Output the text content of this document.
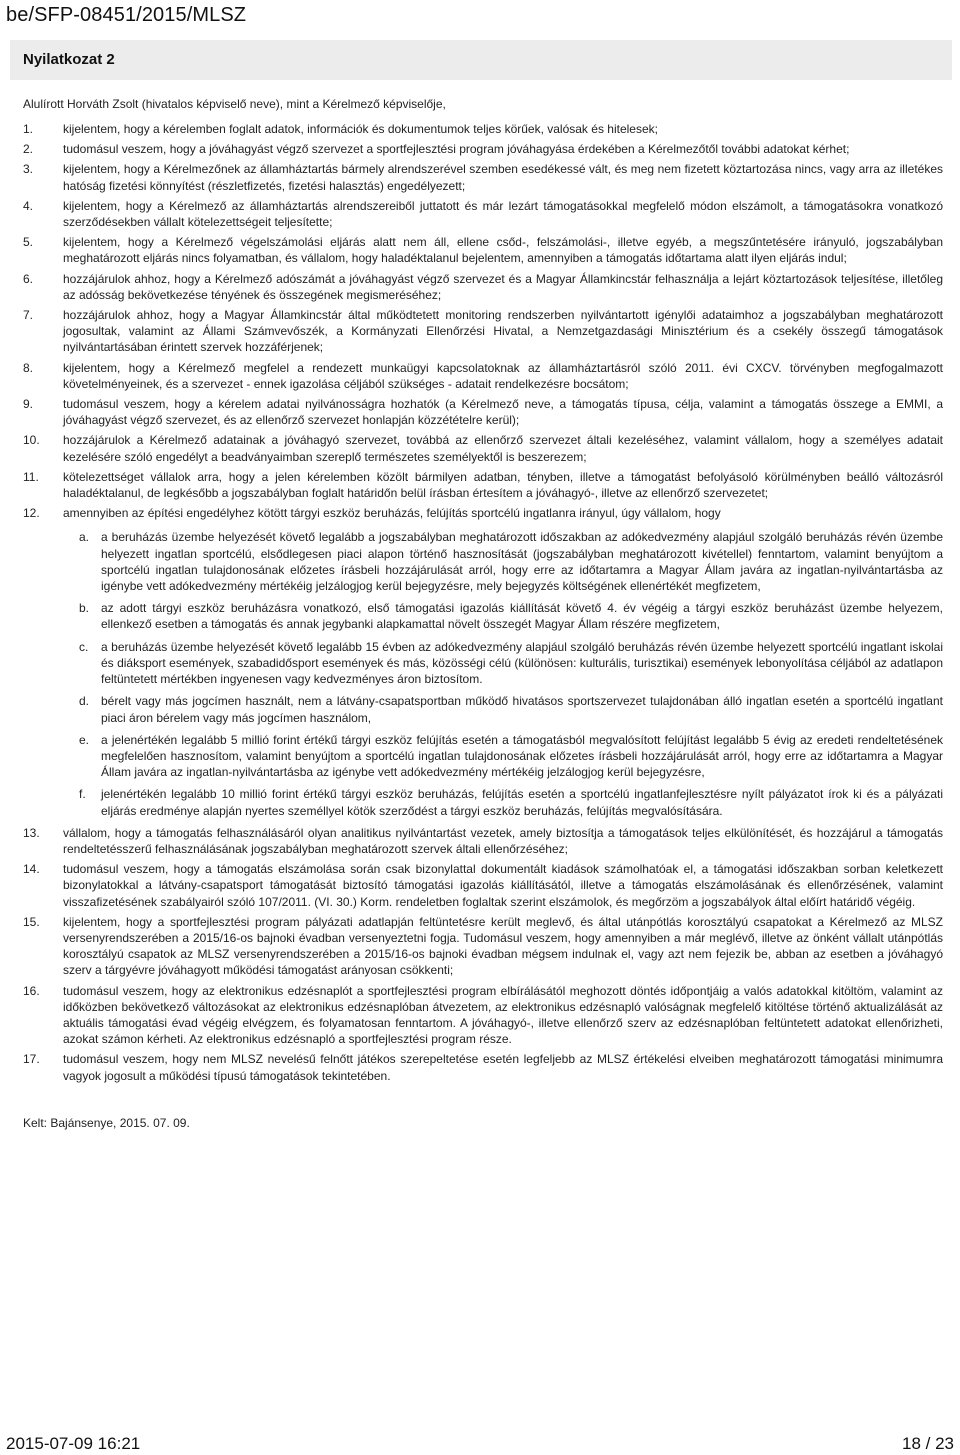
be/SFP-08451/2015/MLSZ
Nyilatkozat 2
Alulírott Horváth Zsolt (hivatalos képviselő neve), mint a Kérelmező képviselője,
1.	kijelentem, hogy a kérelemben foglalt adatok, információk és dokumentumok teljes körűek, valósak és hitelesek;
2.	tudomásul veszem, hogy a jóváhagyást végző szervezet a sportfejlesztési program jóváhagyása érdekében a Kérelmezőtől további adatokat kérhet;
3.	kijelentem, hogy a Kérelmezőnek az államháztartás bármely alrendszerével szemben esedékessé vált, és meg nem fizetett köztartozása nincs, vagy arra az illetékes hatóság fizetési könnyítést (részletfizetés, fizetési halasztás) engedélyezett;
4.	kijelentem, hogy a Kérelmező az államháztartás alrendszereiből juttatott és már lezárt támogatásokkal megfelelő módon elszámolt, a támogatásokra vonatkozó szerződésekben vállalt kötelezettségeit teljesítette;
5.	kijelentem, hogy a Kérelmező végelszámolási eljárás alatt nem áll, ellene csőd-, felszámolási-, illetve egyéb, a megszűntetésére irányuló, jogszabályban meghatározott eljárás nincs folyamatban, és vállalom, hogy haladéktalanul bejelentem, amennyiben a támogatás időtartama alatt ilyen eljárás indul;
6.	hozzájárulok ahhoz, hogy a Kérelmező adószámát a jóváhagyást végző szervezet és a Magyar Államkincstár felhasználja a lejárt köztartozások teljesítése, illetőleg az adósság bekövetkezése tényének és összegének megismeréséhez;
7.	hozzájárulok ahhoz, hogy a Magyar Államkincstár által működtetett monitoring rendszerben nyilvántartott igénylői adataimhoz a jogszabályban meghatározott jogosultak, valamint az Állami Számvevőszék, a Kormányzati Ellenőrzési Hivatal, a Nemzetgazdasági Minisztérium és a csekély összegű támogatások nyilvántartásában érintett szervek hozzáférjenek;
8.	kijelentem, hogy a Kérelmező megfelel a rendezett munkaügyi kapcsolatoknak az államháztartásról szóló 2011. évi CXCV. törvényben megfogalmazott követelményeinek, és a szervezet - ennek igazolása céljából szükséges - adatait rendelkezésre bocsátom;
9.	tudomásul veszem, hogy a kérelem adatai nyilvánosságra hozhatók (a Kérelmező neve, a támogatás típusa, célja, valamint a támogatás összege a EMMI, a jóváhagyást végző szervezet, és az ellenőrző szervezet honlapján közzétételre kerül);
10.	hozzájárulok a Kérelmező adatainak a jóváhagyó szervezet, továbbá az ellenőrző szervezet általi kezeléséhez, valamint vállalom, hogy a személyes adatait kezelésére szóló engedélyt a beadványaimban szereplő természetes személyektől is beszerezem;
11.	kötelezettséget vállalok arra, hogy a jelen kérelemben közölt bármilyen adatban, tényben, illetve a támogatást befolyásoló körülményben beálló változásról haladéktalanul, de legkésőbb a jogszabályban foglalt határidőn belül írásban értesítem a jóváhagyó-, illetve az ellenőrző szervezetet;
12.	amennyiben az építési engedélyhez kötött tárgyi eszköz beruházás, felújítás sportcélú ingatlanra irányul, úgy vállalom, hogy
a. a beruházás üzembe helyezését követő legalább a jogszabályban meghatározott időszakban az adókedvezmény alapjául szolgáló beruházás révén üzembe helyezett ingatlan sportcélú, elsődlegesen piaci alapon történő hasznosítását (jogszabályban meghatározott kivétellel) fenntartom, valamint benyújtom a sportcélú ingatlan tulajdonosának előzetes írásbeli hozzájárulását arról, hogy erre az időtartamra a Magyar Állam javára az ingatlan-nyilvántartásba az igénybe vett adókedvezmény mértékéig jelzálogjog kerül bejegyzésre, mely bejegyzés költségének ellenértékét megfizetem,
b. az adott tárgyi eszköz beruházásra vonatkozó, első támogatási igazolás kiállítását követő 4. év végéig a tárgyi eszköz beruházást üzembe helyezem, ellenkező esetben a támogatás és annak jegybanki alapkamattal növelt összegét Magyar Állam részére megfizetem,
c. a beruházás üzembe helyezését követő legalább 15 évben az adókedvezmény alapjául szolgáló beruházás révén üzembe helyezett sportcélú ingatlant iskolai és diáksport események, szabadidősport események és más, közösségi célú (különösen: kulturális, turisztikai) események lebonyolítása céljából az adatlapon feltüntetett mértékben ingyenesen vagy kedvezményes áron biztosítom.
d. bérelt vagy más jogcímen használt, nem a látvány-csapatsportban működő hivatásos sportszervezet tulajdonában álló ingatlan esetén a sportcélú ingatlant piaci áron bérelem vagy más jogcímen használom,
e. a jelenértékén legalább 5 millió forint értékű tárgyi eszköz felújítás esetén a támogatásból megvalósított felújítást legalább 5 évig az eredeti rendeltetésének megfelelően hasznosítom, valamint benyújtom a sportcélú ingatlan tulajdonosának előzetes írásbeli hozzájárulását arról, hogy erre az időtartamra a Magyar Állam javára az ingatlan-nyilvántartásba az igénybe vett adókedvezmény mértékéig jelzálogjog kerül bejegyzésre,
f. jelenértékén legalább 10 millió forint értékű tárgyi eszköz beruházás, felújítás esetén a sportcélú ingatlanfejlesztésre nyílt pályázatot írok ki és a pályázati eljárás eredménye alapján nyertes személlyel kötök szerződést a tárgyi eszköz beruházás, felújítás megvalósítására.
13.	vállalom, hogy a támogatás felhasználásáról olyan analitikus nyilvántartást vezetek, amely biztosítja a támogatások teljes elkülönítését, és hozzájárul a támogatás rendeltetésszerű felhasználásának jogszabályban meghatározott szervek általi ellenőrzéséhez;
14.	tudomásul veszem, hogy a támogatás elszámolása során csak bizonylattal dokumentált kiadások számolhatóak el, a támogatási időszakban sorban keletkezett bizonylatokkal a látvány-csapatsport támogatását biztosító támogatási igazolás kiállításától, illetve a támogatás elszámolásának és ellenőrzésének, valamint visszafizetésének szabályairól szóló 107/2011. (VI. 30.) Korm. rendeletben foglaltak szerint elszámolok, és megőrzöm a jogszabályok által előírt határidő végéig.
15.	kijelentem, hogy a sportfejlesztési program pályázati adatlapján feltüntetésre került meglevő, és által utánpótlás korosztályú csapatokat a Kérelmező az MLSZ versenyrendszerében a 2015/16-os bajnoki évadban versenyeztetni fogja. Tudomásul veszem, hogy amennyiben a már meglévő, illetve az önként vállalt utánpótlás korosztályú csapatok az MLSZ versenyrendszerében a 2015/16-os bajnoki évadban mégsem indulnak el, vagy azt nem fejezik be, abban az esetben a jóváhagyó szerv a tárgyévre jóváhagyott működési támogatást arányosan csökkenti;
16.	tudomásul veszem, hogy az elektronikus edzésnaplót a sportfejlesztési program elbírálásától meghozott döntés időpontjáig a valós adatokkal kitöltöm, valamint az időközben bekövetkező változásokat az elektronikus edzésnaplóban átvezetem, az elektronikus edzésnapló valóságnak megfelelő kitöltése történő aktualizálását az aktuális támogatási évad végéig elvégzem, és folyamatosan fenntartom. A jóváhagyó-, illetve ellenőrző szerv az edzésnaplóban feltüntetett adatokat ellenőrizheti, azokat számon kérheti. Az elektronikus edzésnapló a sportfejlesztési program része.
17.	tudomásul veszem, hogy nem MLSZ nevelésű felnőtt játékos szerepeltetése esetén legfeljebb az MLSZ értékelési elveiben meghatározott támogatási minimumra vagyok jogosult a működési típusú támogatások tekintetében.
Kelt: Bajánsenye, 2015. 07. 09.
2015-07-09 16:21	18 / 23
